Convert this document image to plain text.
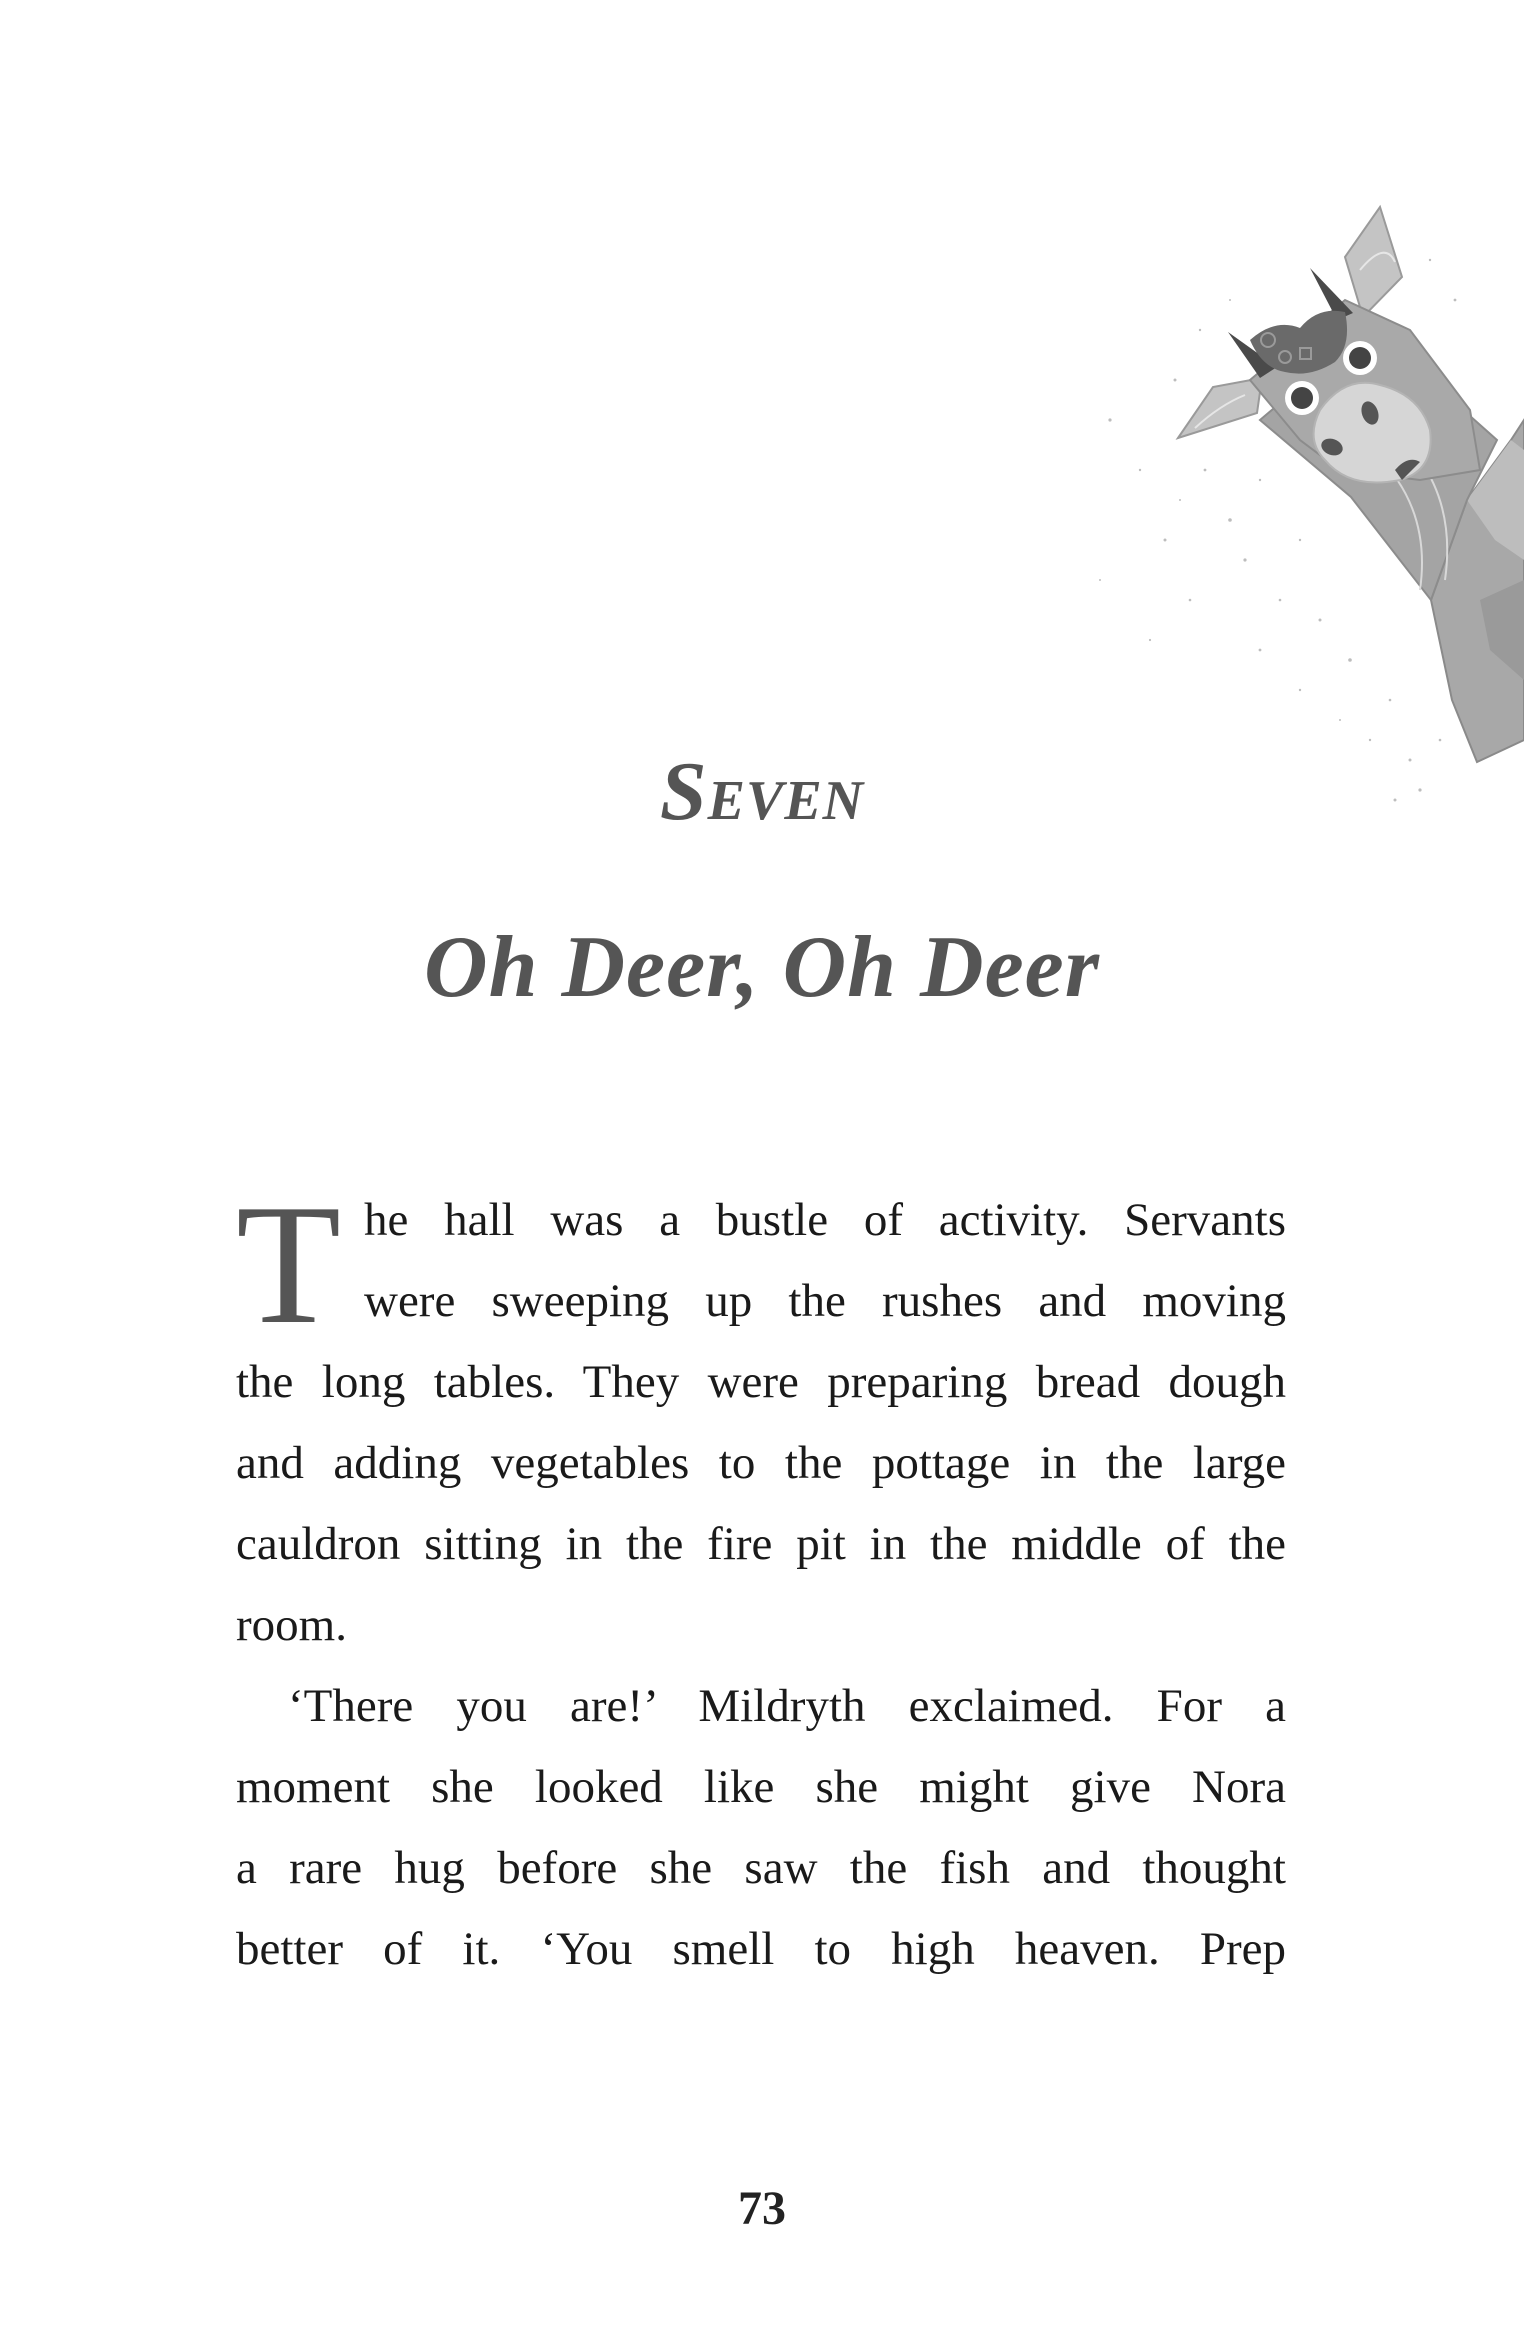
SEVEN
Oh Deer, Oh Deer
T he hall was a bustle of activity. Servants
were sweeping up the rushes and moving
the long tables. They were preparing bread dough
and adding vegetables to the pottage in the large
cauldron sitting in the fire pit in the middle of the
room.
‘There you are!’ Mildryth exclaimed. For a
moment she looked like she might give Nora
a rare hug before she saw the fish and thought
better of it. ‘You smell to high heaven. Prep
73
